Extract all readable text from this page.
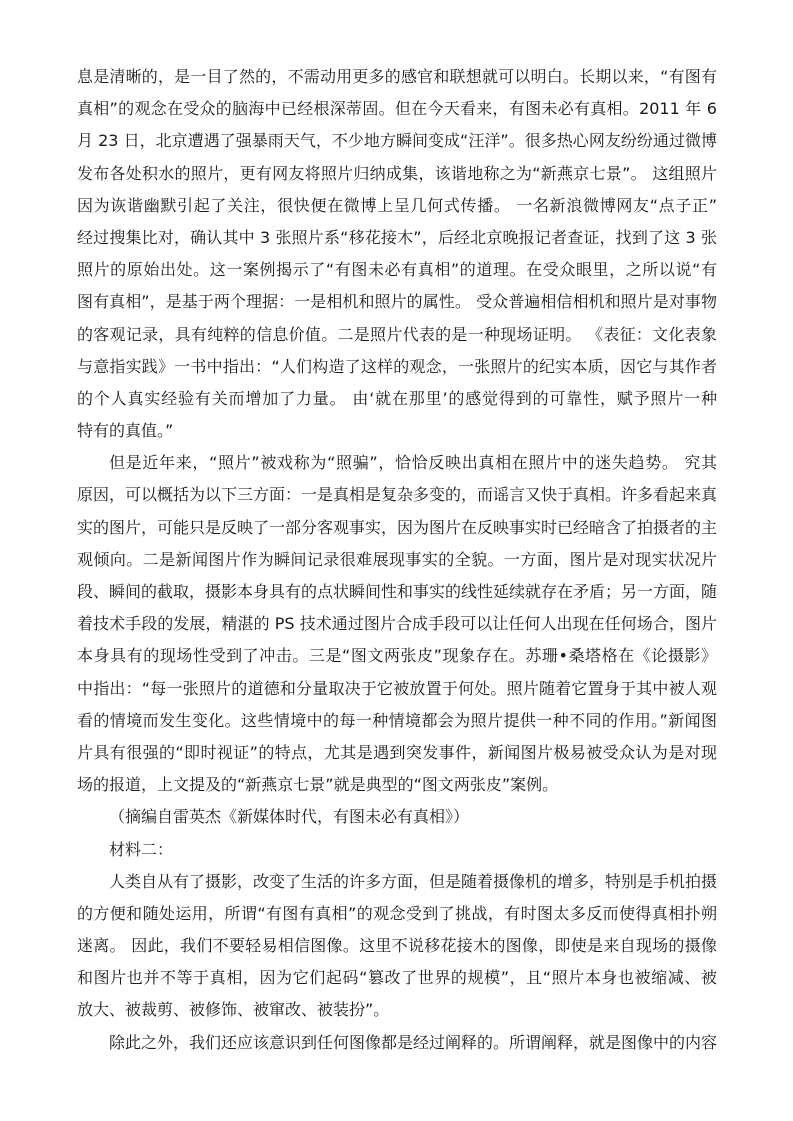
息是清晰的，是一目了然的，不需动用更多的感官和联想就可以明白。长期以来，“有图有
真相”的观念在受众的脑海中已经根深蒂固。但在今天看来，有图未必有真相。2011 年 6
月 23 日，北京遭遇了强暴雨天气，不少地方瞬间变成“汪洋”。很多热心网友纷纷通过微博
发布各处积水的照片，更有网友将照片归纳成集，该谐地称之为“新燕京七景”。 这组照片
因为诙谐幽默引起了关注，很快便在微博上呈几何式传播。 一名新浪微博网友“点子正”
经过搜集比对，确认其中 3 张照片系“移花接木”，后经北京晚报记者查证，找到了这 3 张
照片的原始出处。这一案例揭示了“有图未必有真相”的道理。在受众眼里，之所以说“有
图有真相”，是基于两个理据：一是相机和照片的属性。 受众普遍相信相机和照片是对事物
的客观记录，具有纯粹的信息价值。二是照片代表的是一种现场证明。 《表征：文化表象
与意指实践》一书中指出：“人们构造了这样的观念，一张照片的纪实本质，因它与其作者
的个人真实经验有关而增加了力量。 由‘就在那里’的感觉得到的可靠性，赋予照片一种
特有的真值。”
但是近年来，“照片”被戏称为“照骗”，恰恰反映出真相在照片中的迷失趋势。 究其
原因，可以概括为以下三方面：一是真相是复杂多变的，而谣言又快于真相。许多看起来真
实的图片，可能只是反映了一部分客观事实，因为图片在反映事实时已经暗含了拍摄者的主
观倾向。二是新闻图片作为瞬间记录很难展现事实的全貌。一方面，图片是对现实状况片
段、瞬间的截取，摄影本身具有的点状瞬间性和事实的线性延续就存在矛盾；另一方面，随
着技术手段的发展，精湛的 PS 技术通过图片合成手段可以让任何人出现在任何场合，图片
本身具有的现场性受到了冲击。三是“图文两张皮”现象存在。苏珊•桑塔格在《论摄影》
中指出：“每一张照片的道德和分量取决于它被放置于何处。照片随着它置身于其中被人观
看的情境而发生变化。这些情境中的每一种情境都会为照片提供一种不同的作用。”新闻图
片具有很强的“即时视证”的特点，尤其是遇到突发事件，新闻图片极易被受众认为是对现
场的报道，上文提及的“新燕京七景”就是典型的“图文两张皮”案例。
（摘编自雷英杰《新媒体时代，有图未必有真相》）
材料二：
人类自从有了摄影，改变了生活的许多方面，但是随着摄像机的增多，特别是手机拍摄
的方便和随处运用，所谓“有图有真相”的观念受到了挑战，有时图太多反而使得真相扑朔
迷离。 因此，我们不要轻易相信图像。这里不说移花接木的图像，即使是来自现场的摄像
和图片也并不等于真相，因为它们起码“篡改了世界的规模”，且“照片本身也被缩减、被
放大、被裁剪、被修饰、被窜改、被装扮”。
除此之外，我们还应该意识到任何图像都是经过阐释的。所谓阐释，就是图像中的内容
